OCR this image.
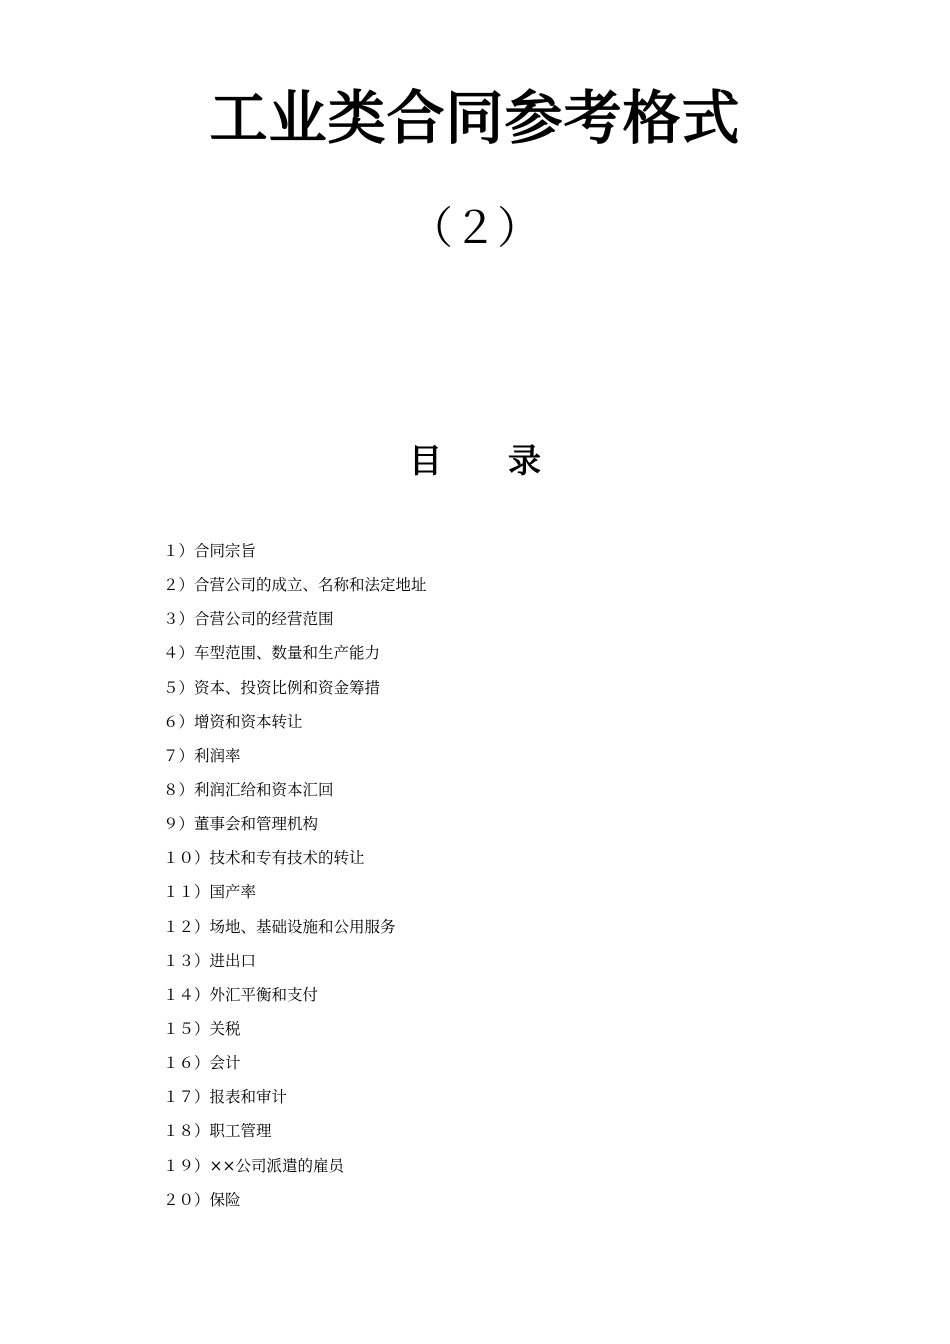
工业类合同参考格式
（２）
目　　录
１）合同宗旨
２）合营公司的成立、名称和法定地址
３）合营公司的经营范围
４）车型范围、数量和生产能力
５）资本、投资比例和资金筹措
６）增资和资本转让
７）利润率
８）利润汇给和资本汇回
９）董事会和管理机构
１０）技术和专有技术的转让
１１）国产率
１２）场地、基础设施和公用服务
１３）进出口
１４）外汇平衡和支付
１５）关税
１６）会计
１７）报表和审计
１８）职工管理
１９）××公司派遣的雇员
２０）保险
